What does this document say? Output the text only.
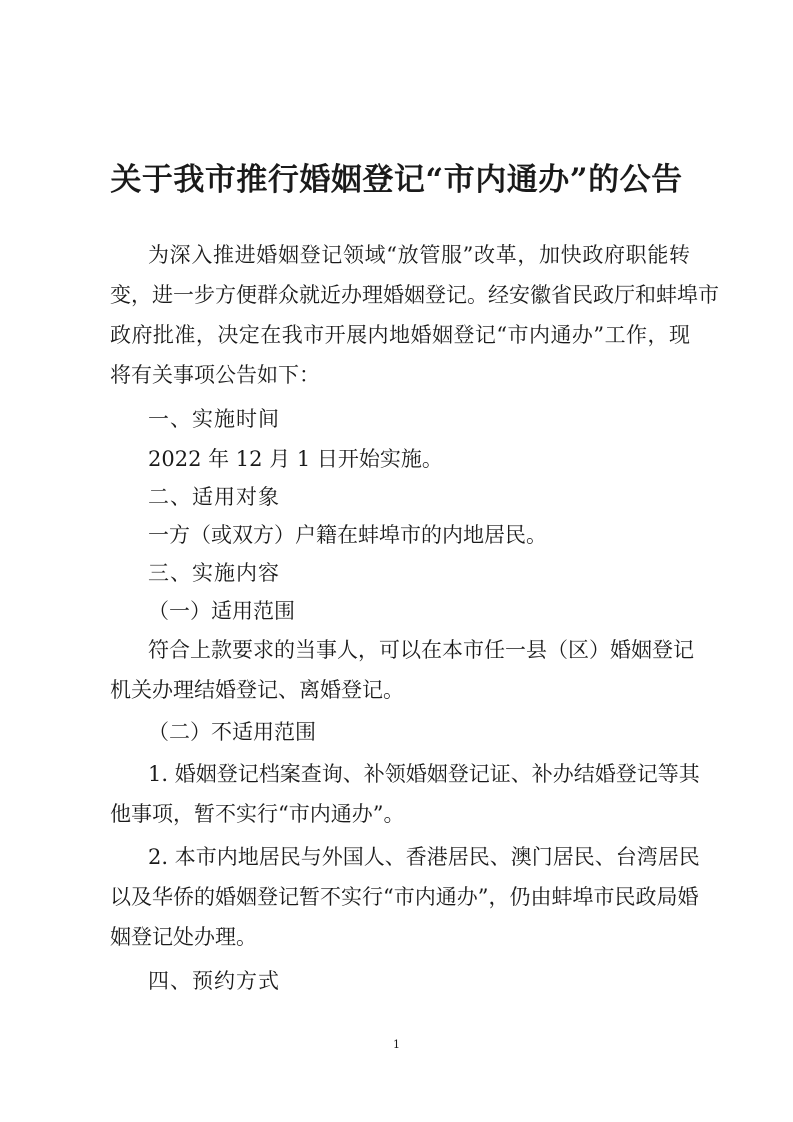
关于我市推行婚姻登记“市内通办”的公告

为深入推进婚姻登记领域“放管服”改革，加快政府职能转

变，进一步方便群众就近办理婚姻登记。经安徽省民政厅和蚌埠市

政府批准，决定在我市开展内地婚姻登记“市内通办”工作，现

将有关事项公告如下：

一、实施时间

2022 年 12 月 1 日开始实施。

二、适用对象

一方（或双方）户籍在蚌埠市的内地居民。

三、实施内容

（一）适用范围

符合上款要求的当事人，可以在本市任一县（区）婚姻登记

机关办理结婚登记、离婚登记。

（二）不适用范围

1. 婚姻登记档案查询、补领婚姻登记证、补办结婚登记等其

他事项，暂不实行“市内通办”。

2. 本市内地居民与外国人、香港居民、澳门居民、台湾居民

以及华侨的婚姻登记暂不实行“市内通办”，仍由蚌埠市民政局婚

姻登记处办理。

四、预约方式

1
